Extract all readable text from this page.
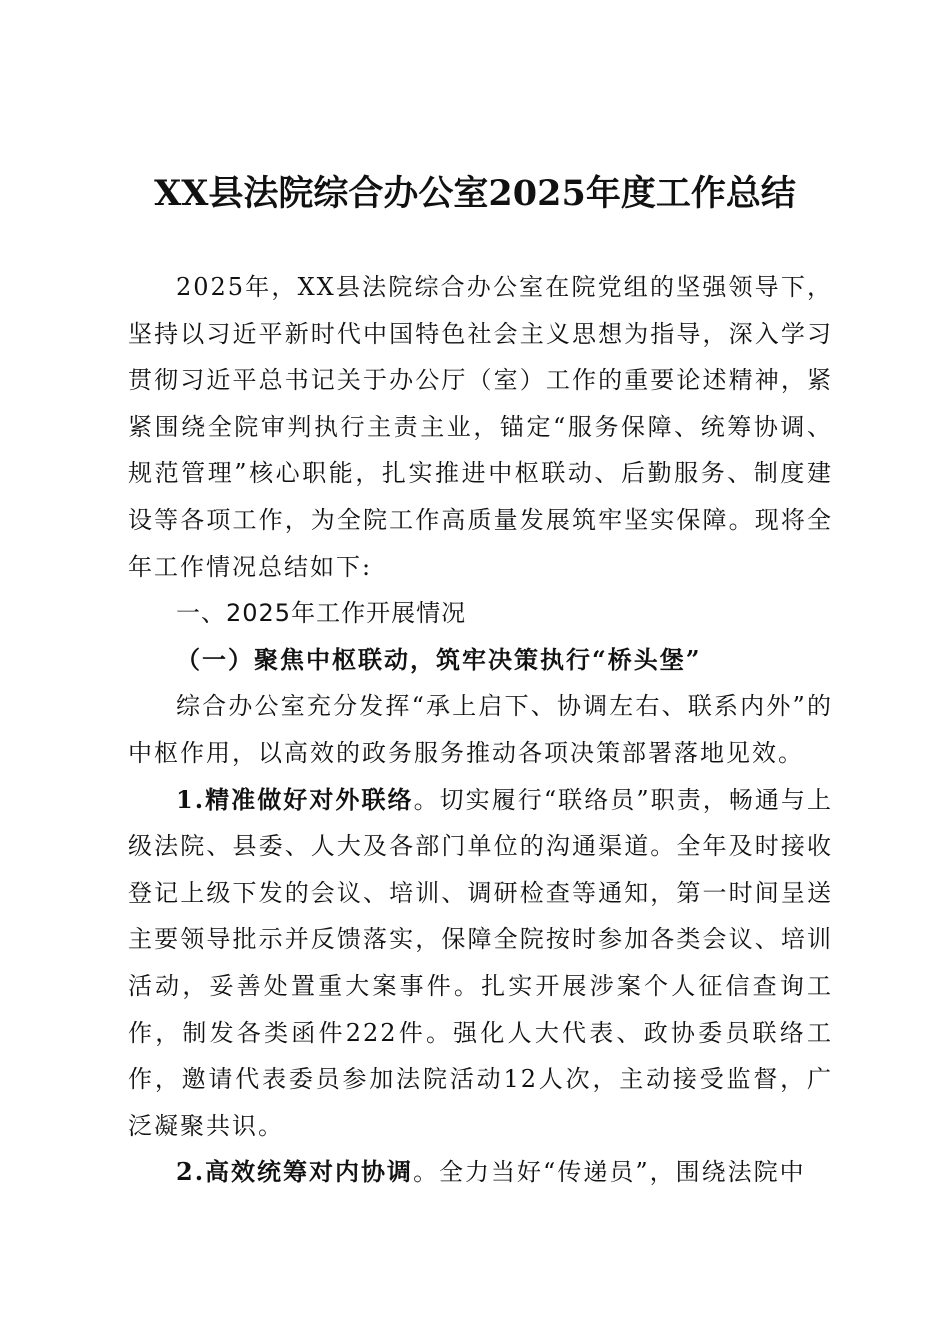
XX县法院综合办公室2025年度工作总结

2025年，XX县法院综合办公室在院党组的坚强领导下，坚持以习近平新时代中国特色社会主义思想为指导，深入学习贯彻习近平总书记关于办公厅（室）工作的重要论述精神，紧紧围绕全院审判执行主责主业，锚定“服务保障、统筹协调、规范管理”核心职能，扎实推进中枢联动、后勤服务、制度建设等各项工作，为全院工作高质量发展筑牢坚实保障。现将全年工作情况总结如下:

一、2025年工作开展情况

（一）聚焦中枢联动，筑牢决策执行“桥头堡”

综合办公室充分发挥“承上启下、协调左右、联系内外”的中枢作用，以高效的政务服务推动各项决策部署落地见效。

1.精准做好对外联络。切实履行“联络员”职责，畅通与上级法院、县委、人大及各部门单位的沟通渠道。全年及时接收登记上级下发的会议、培训、调研检查等通知，第一时间呈送主要领导批示并反馈落实，保障全院按时参加各类会议、培训活动，妥善处置重大案事件。扎实开展涉案个人征信查询工作，制发各类函件222件。强化人大代表、政协委员联络工作，邀请代表委员参加法院活动12人次，主动接受监督，广泛凝聚共识。

2.高效统筹对内协调。全力当好“传递员”，围绕法院中
